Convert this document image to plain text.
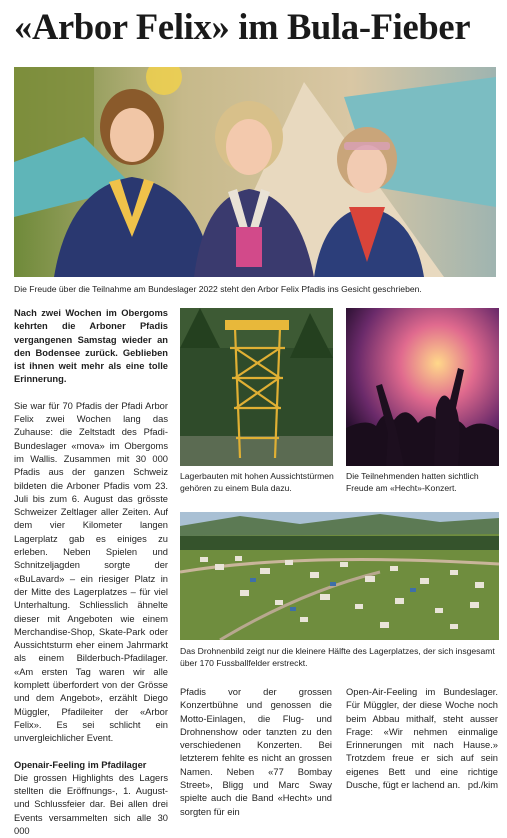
«Arbor Felix» im Bula-Fieber
Die Freude über die Teilnahme am Bundeslager 2022 steht den Arbor Felix Pfadis ins Gesicht geschrieben.

Nach zwei Wochen im Obergoms kehrten die Arboner Pfadis vergangenen Samstag wieder an den Bodensee zurück. Geblieben ist ihnen weit mehr als eine tolle Erinnerung.

Sie war für 70 Pfadis der Pfadi Arbor Felix zwei Wochen lang das Zuhause: die Zeltstadt des Pfadi-Bundeslager «mova» im Obergoms im Wallis. Zusammen mit 30 000 Pfadis aus der ganzen Schweiz bildeten die Arboner Pfadis vom 23. Juli bis zum 6. August das grösste Schweizer Zeltlager aller Zeiten. Auf dem vier Kilometer langen Lagerplatz gab es einiges zu erleben. Neben Spielen und Schnitzeljagden sorgte der «BuLavard» – ein riesiger Platz in der Mitte des Lagerplatzes – für viel Unterhaltung. Schliesslich ähnelte dieser mit Angeboten wie einem Merchandise-Shop, Skate-Park oder Aussichtsturm eher einem Jahrmarkt als einem Bilderbuch-Pfadilager. «Am ersten Tag waren wir alle komplett überfordert von der Grösse und dem Angebot», erzählt Diego Müggler, Pfadileiter der «Arbor Felix». Es sei schlicht ein unvergleichlicher Event.

Openair-Feeling im Pfadilager

Die grossen Highlights des Lagers stellten die Eröffnungs-, 1. August- und Schlussfeier dar. Bei allen drei Events versammelten sich alle 30 000

Lagerbauten mit hohen Aussichtstürmen gehören zu einem Bula dazu.
Die Teilnehmenden hatten sichtlich Freude am «Hecht»-Konzert.
Das Drohnenbild zeigt nur die kleinere Hälfte des Lagerplatzes, der sich insgesamt über 170 Fussballfelder erstreckt.

Pfadis vor der grossen Konzertbühne und genossen die Motto-Einlagen, die Flug- und Drohnenshow oder tanzten zu den verschiedenen Konzerten. Bei letzterem fehlte es nicht an grossen Namen. Neben «77 Bombay Street», Bligg und Marc Sway spielte auch die Band «Hecht» und sorgten für ein

Open-Air-Feeling im Bundeslager. Für Müggler, der diese Woche noch beim Abbau mithalf, steht ausser Frage: «Wir nehmen einmalige Erinnerungen mit nach Hause.» Trotzdem freue er sich auf sein eigenes Bett und eine richtige Dusche, fügt er lachend an. pd./kim
